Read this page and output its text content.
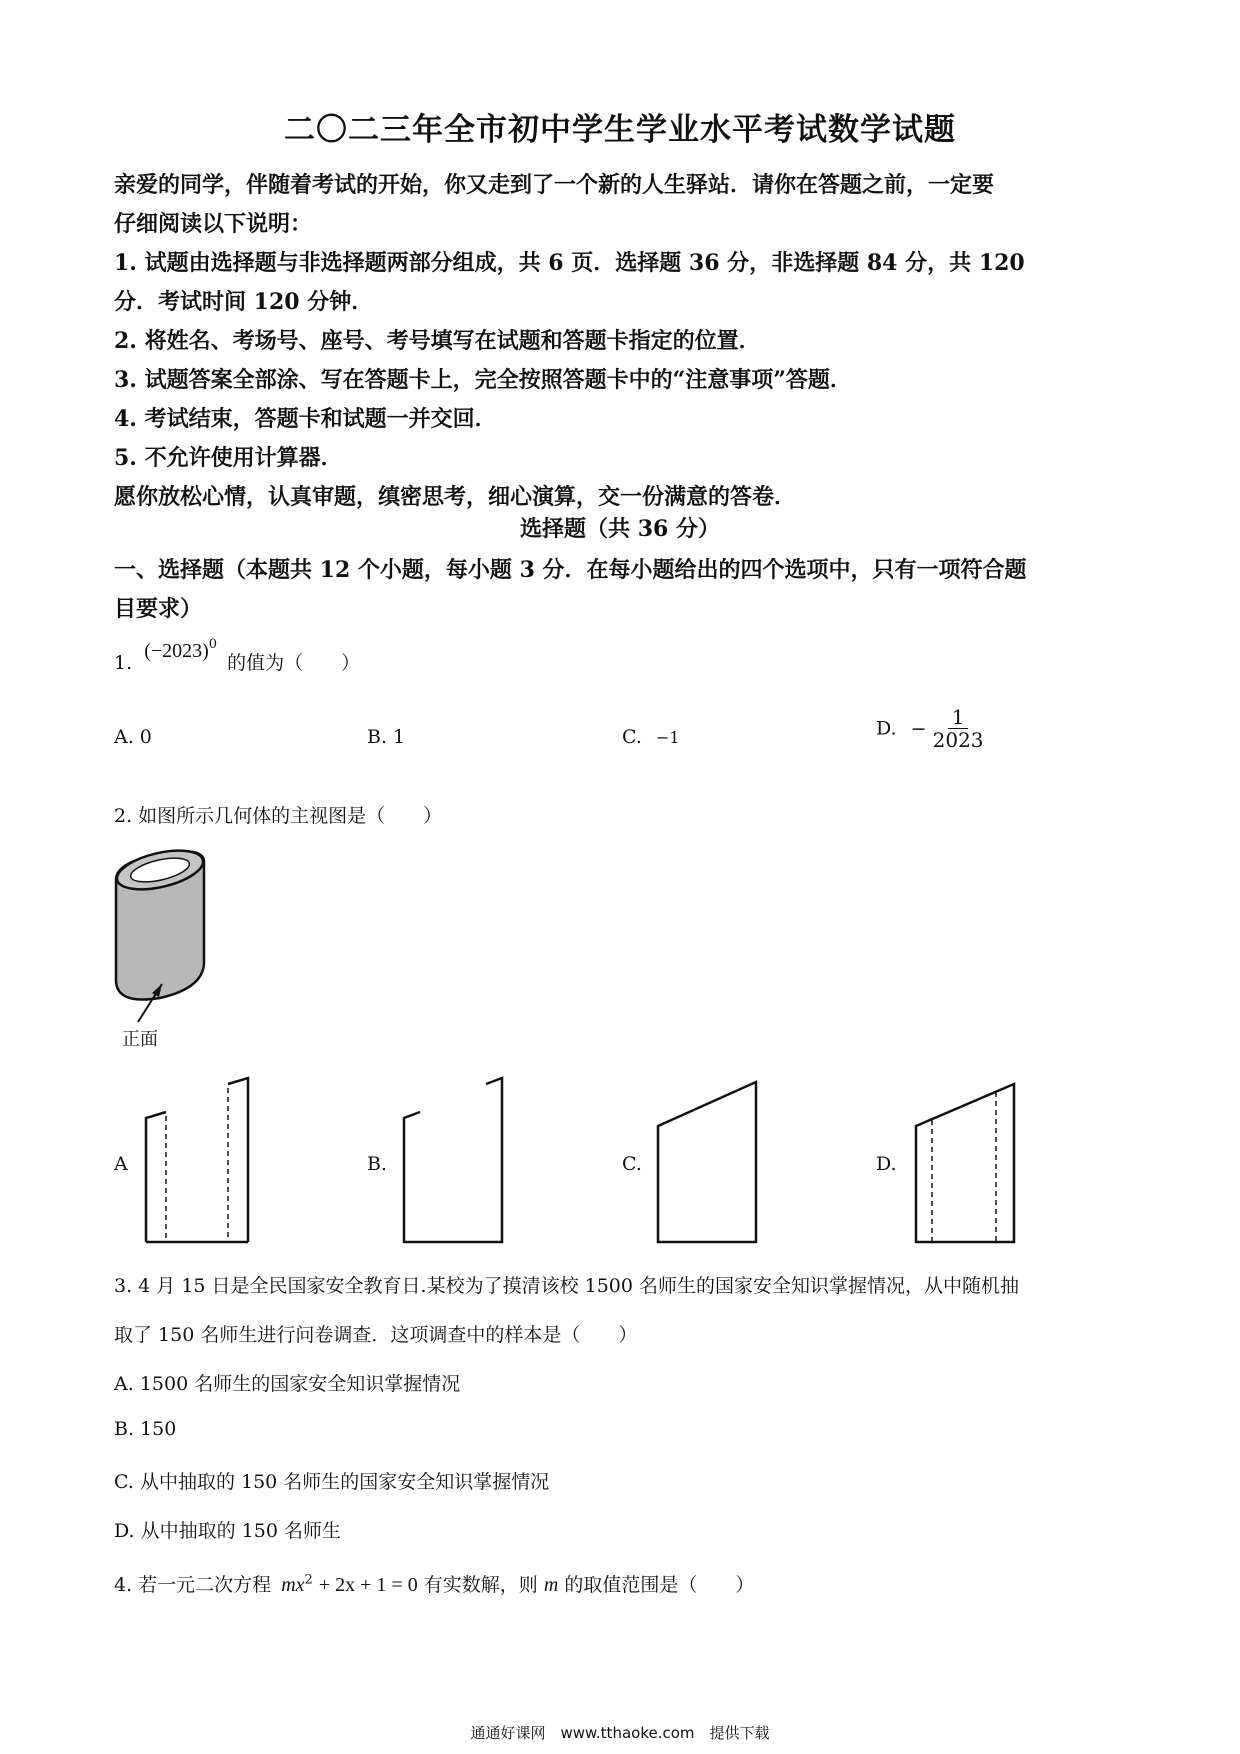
二〇二三年全市初中学生学业水平考试数学试题
亲爱的同学，伴随着考试的开始，你又走到了一个新的人生驿站．请你在答题之前，一定要
仔细阅读以下说明：
1. 试题由选择题与非选择题两部分组成，共 6 页．选择题 36 分，非选择题 84 分，共 120
分．考试时间 120 分钟．
2. 将姓名、考场号、座号、考号填写在试题和答题卡指定的位置．
3. 试题答案全部涂、写在答题卡上，完全按照答题卡中的“注意事项”答题．
4. 考试结束，答题卡和试题一并交回．
5. 不允许使用计算器．
愿你放松心情，认真审题，缜密思考，细心演算，交一份满意的答卷．
选择题（共 36 分）
一、选择题（本题共 12 个小题，每小题 3 分．在每小题给出的四个选项中，只有一项符合题
目要求）
1. $(-2023)^0$ 的值为（　　）
A. 0	B. 1	C. −1	D. − $\frac{1}{2023}$
2. 如图所示几何体的主视图是（　　）
正面
A	B.	C.	D.
3. 4 月 15 日是全民国家安全教育日.某校为了摸清该校 1500 名师生的国家安全知识掌握情况，从中随机抽
取了 150 名师生进行问卷调查．这项调查中的样本是（　　）
A. 1500 名师生的国家安全知识掌握情况
B. 150
C. 从中抽取的 150 名师生的国家安全知识掌握情况
D. 从中抽取的 150 名师生
4. 若一元二次方程 $mx^2 + 2x + 1 = 0$ 有实数解，则 m 的取值范围是（　　）
通通好课网　www.tthaoke.com　提供下载
